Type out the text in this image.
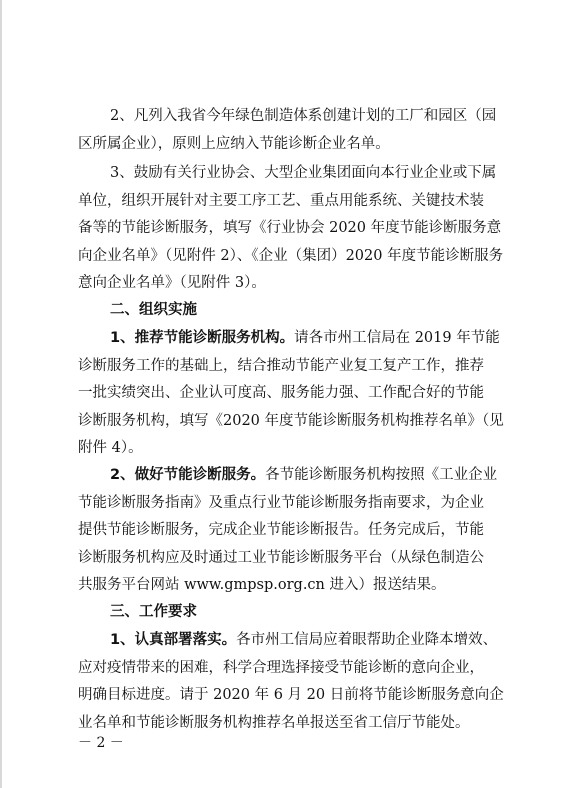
2、凡列入我省今年绿色制造体系创建计划的工厂和园区（园
区所属企业），原则上应纳入节能诊断企业名单。
3、鼓励有关行业协会、大型企业集团面向本行业企业或下属
单位，组织开展针对主要工序工艺、重点用能系统、关键技术装
备等的节能诊断服务，填写《行业协会 2020 年度节能诊断服务意
向企业名单》（见附件 2）、《企业（集团）2020 年度节能诊断服务
意向企业名单》（见附件 3）。
二、组织实施
1、推荐节能诊断服务机构。请各市州工信局在 2019 年节能
诊断服务工作的基础上，结合推动节能产业复工复产工作，推荐
一批实绩突出、企业认可度高、服务能力强、工作配合好的节能
诊断服务机构，填写《2020 年度节能诊断服务机构推荐名单》（见
附件 4）。
2、做好节能诊断服务。各节能诊断服务机构按照《工业企业
节能诊断服务指南》及重点行业节能诊断服务指南要求，为企业
提供节能诊断服务，完成企业节能诊断报告。任务完成后，节能
诊断服务机构应及时通过工业节能诊断服务平台（从绿色制造公
共服务平台网站 www.gmpsp.org.cn 进入）报送结果。
三、工作要求
1、认真部署落实。各市州工信局应着眼帮助企业降本增效、
应对疫情带来的困难，科学合理选择接受节能诊断的意向企业，
明确目标进度。请于 2020 年 6 月 20 日前将节能诊断服务意向企
业名单和节能诊断服务机构推荐名单报送至省工信厅节能处。
－ 2 －
